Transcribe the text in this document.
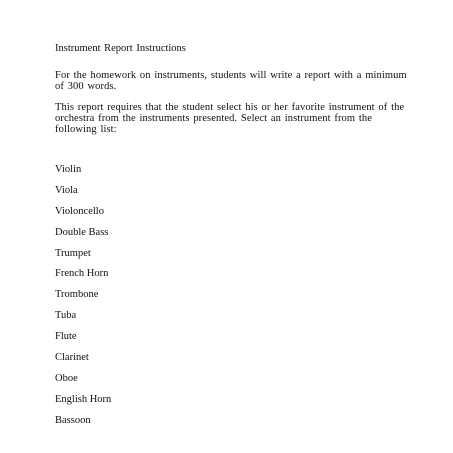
Instrument Report Instructions

For the homework on instruments, students will write a report with a minimum of 300 words.

This report requires that the student select his or her favorite instrument of the orchestra from the instruments presented. Select an instrument from the following list:

Violin
Viola
Violoncello
Double Bass
Trumpet
French Horn
Trombone
Tuba
Flute
Clarinet
Oboe
English Horn
Bassoon
